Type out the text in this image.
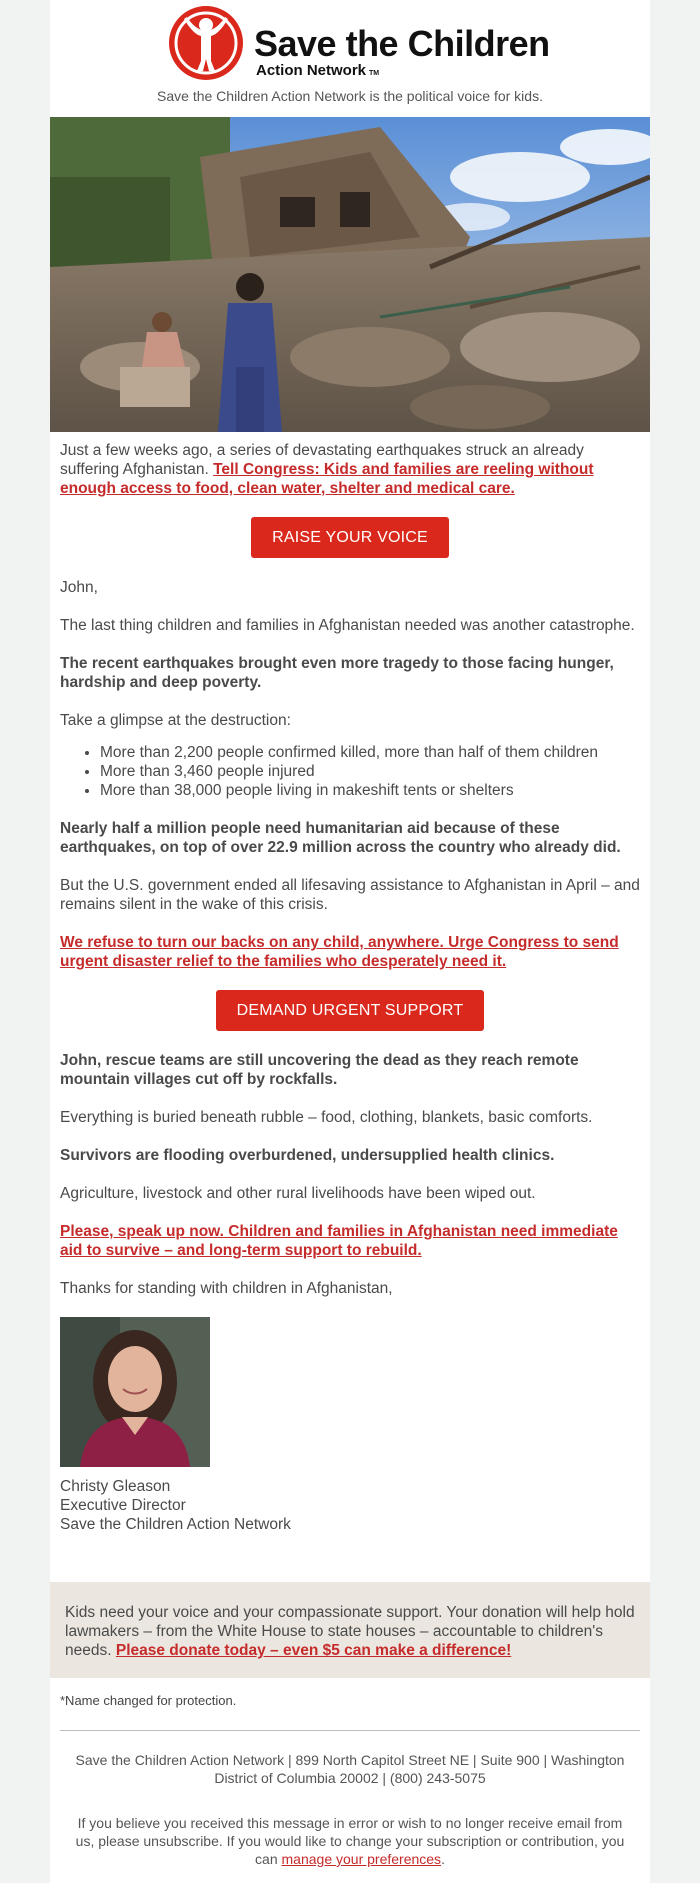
Save the Children
Action Network TM
Save the Children Action Network is the political voice for kids.

Just a few weeks ago, a series of devastating earthquakes struck an already suffering Afghanistan. Tell Congress: Kids and families are reeling without enough access to food, clean water, shelter and medical care.

RAISE YOUR VOICE

John,

The last thing children and families in Afghanistan needed was another catastrophe.

The recent earthquakes brought even more tragedy to those facing hunger, hardship and deep poverty.

Take a glimpse at the destruction:

• More than 2,200 people confirmed killed, more than half of them children
• More than 3,460 people injured
• More than 38,000 people living in makeshift tents or shelters

Nearly half a million people need humanitarian aid because of these earthquakes, on top of over 22.9 million across the country who already did.

But the U.S. government ended all lifesaving assistance to Afghanistan in April – and remains silent in the wake of this crisis.

We refuse to turn our backs on any child, anywhere. Urge Congress to send urgent disaster relief to the families who desperately need it.

DEMAND URGENT SUPPORT

John, rescue teams are still uncovering the dead as they reach remote mountain villages cut off by rockfalls.

Everything is buried beneath rubble – food, clothing, blankets, basic comforts.

Survivors are flooding overburdened, undersupplied health clinics.

Agriculture, livestock and other rural livelihoods have been wiped out.

Please, speak up now. Children and families in Afghanistan need immediate aid to survive – and long-term support to rebuild.

Thanks for standing with children in Afghanistan,

Christy Gleason
Executive Director
Save the Children Action Network
Kids need your voice and your compassionate support. Your donation will help hold lawmakers – from the White House to state houses – accountable to children's needs. Please donate today – even $5 can make a difference!
*Name changed for protection.
Save the Children Action Network | 899 North Capitol Street NE | Suite 900 | Washington District of Columbia 20002 | (800) 243-5075
If you believe you received this message in error or wish to no longer receive email from us, please unsubscribe. If you would like to change your subscription or contribution, you can manage your preferences.
